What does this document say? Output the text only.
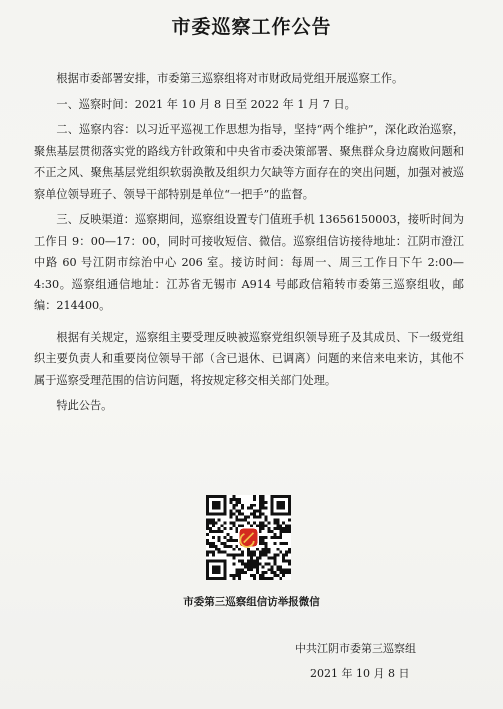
市委巡察工作公告

根据市委部署安排，市委第三巡察组将对市财政局党组开展巡察工作。

一、巡察时间：2021 年 10 月 8 日至 2022 年 1 月 7 日。

二、巡察内容：以习近平巡视工作思想为指导，坚持“两个维护”，深化政治巡察，聚焦基层贯彻落实党的路线方针政策和中央省市委决策部署、聚焦群众身边腐败问题和不正之风、聚焦基层党组织软弱涣散及组织力欠缺等方面存在的突出问题，加强对被巡察单位领导班子、领导干部特别是单位“一把手”的监督。

三、反映渠道：巡察期间，巡察组设置专门值班手机 13656150003，接听时间为工作日 9：00—17：00，同时可接收短信、微信。巡察组信访接待地址：江阴市澄江中路 60 号江阴市综治中心 206 室。接访时间：每周一、周三工作日下午 2:00—4:30。巡察组通信地址：江苏省无锡市 A914 号邮政信箱转市委第三巡察组收，邮编：214400。

根据有关规定，巡察组主要受理反映被巡察党组织领导班子及其成员、下一级党组织主要负责人和重要岗位领导干部（含已退休、已调离）问题的来信来电来访，其他不属于巡察受理范围的信访问题，将按规定移交相关部门处理。

特此公告。

市委第三巡察组信访举报微信
中共江阴市委第三巡察组
2021 年 10 月 8 日
